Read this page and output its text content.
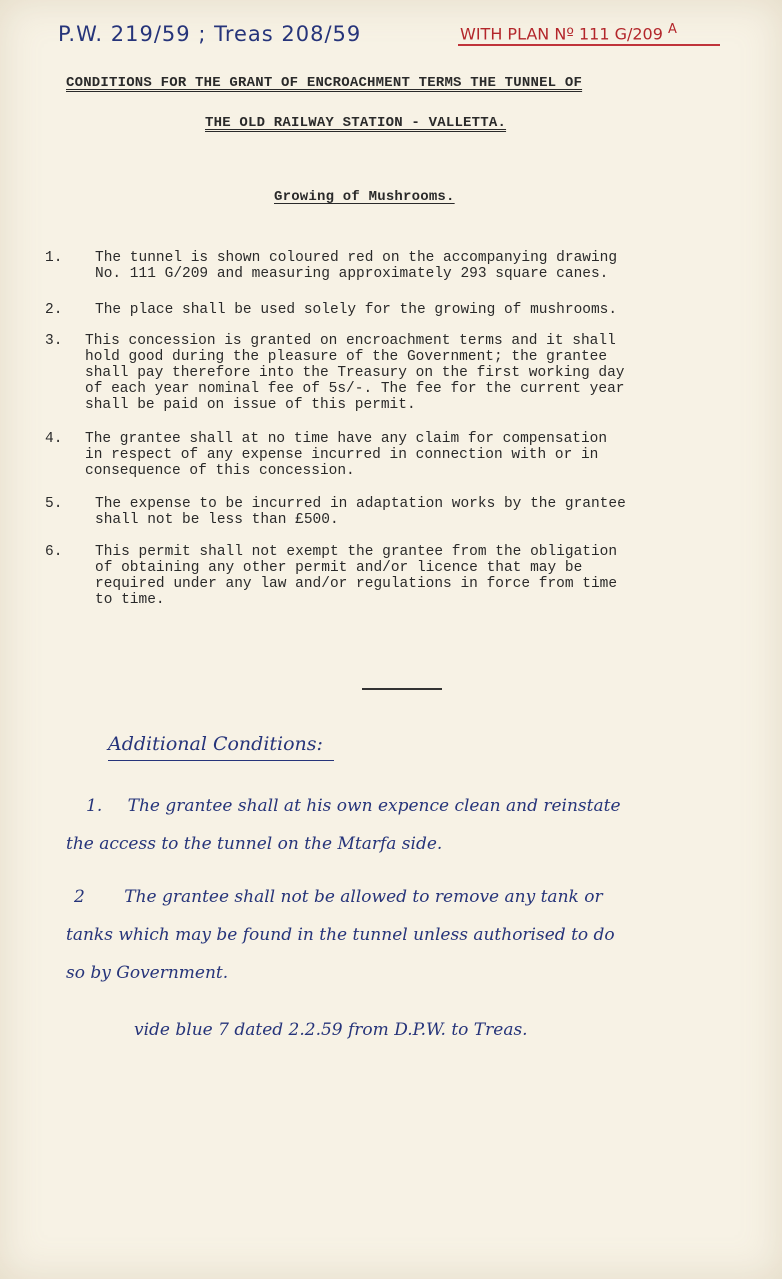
P.W. 219/59 ; Treas 208/59	WITH PLAN Nº 111 G/209 $^A$
CONDITIONS FOR THE GRANT OF ENCROACHMENT TERMS THE TUNNEL OF
THE OLD RAILWAY STATION - VALLETTA.
Growing of Mushrooms.
1. The tunnel is shown coloured red on the accompanying drawing
No. 111 G/209 and measuring approximately 293 square canes.
2. The place shall be used solely for the growing of mushrooms.
3. This concession is granted on encroachment terms and it shall
hold good during the pleasure of the Government; the grantee
shall pay therefore into the Treasury on the first working day
of each year nominal fee of 5s/-. The fee for the current year
shall be paid on issue of this permit.
4. The grantee shall at no time have any claim for compensation
in respect of any expense incurred in connection with or in
consequence of this concession.
5. The expense to be incurred in adaptation works by the grantee
shall not be less than £500.
6. This permit shall not exempt the grantee from the obligation
of obtaining any other permit and/or licence that may be
required under any law and/or regulations in force from time
to time.
Additional Conditions:
1. The grantee shall at his own expence clean and reinstate
the access to the tunnel on the Mtarfa side.
2 The grantee shall not be allowed to remove any tank or
tanks which may be found in the tunnel unless authorised to do
so by Government.
vide blue 7 dated 2.2.59 from D.P.W. to Treas.
